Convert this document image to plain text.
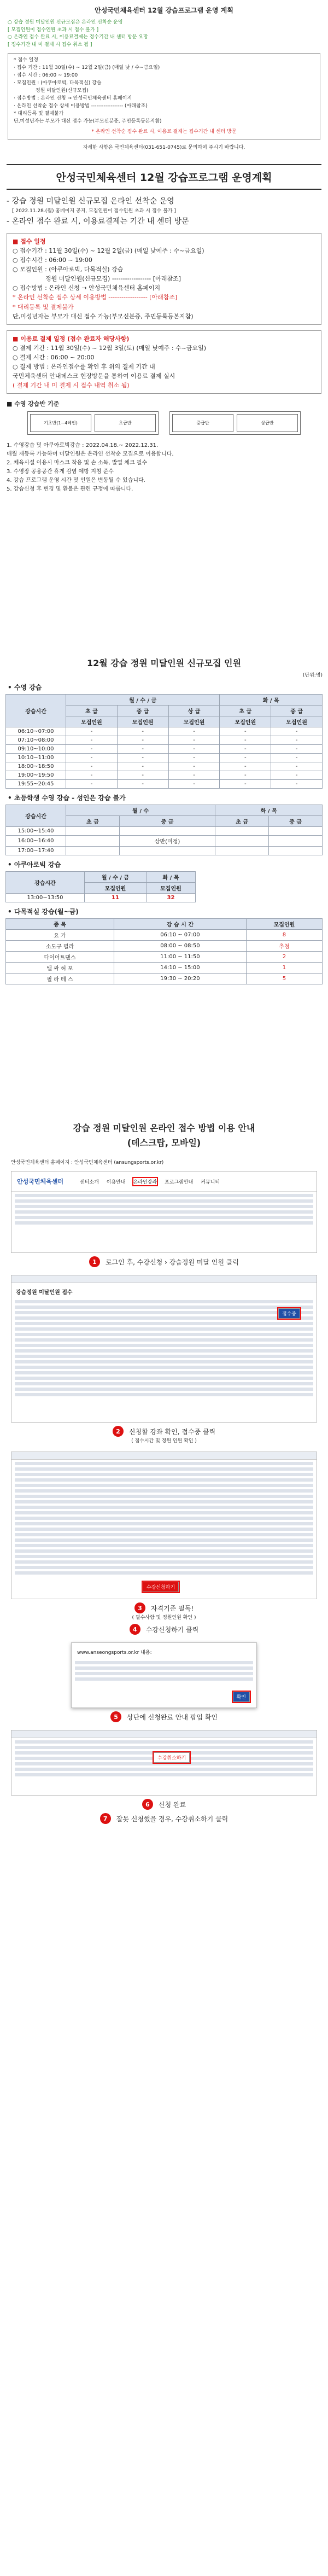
안성국민체육센터 12월 강습프로그램 운영 계획
○ 강습 정원 미달인원 신규모집은 온라인 선착순 운영
[ 모집인원이 접수인원 초과 시 접수 불가 ]
○ 온라인 접수 완료 시, 이용료결제는 정수기간 내 센터 방문 요망
[ 정수기간 내 미 결제 시 접수 취소 됨 ]
* 접수 일정
· 접수 기간 : 11월 30일(수) ~ 12월 2일(금) (매일 낮 / 수~금요일)
· 접수 시간 : 06:00 ~ 19:00
· 모집인원 : (아쿠아로빅, 다목적실) 강습
정원 미달인원(신규모집)
· 접수방법 : 온라인 신청 → 안성국민체육센터 홈페이지
· 온라인 선착순 접수 상세 이용방법 ------------------ (아래참조)
* 대리등록 및 결제불가
단,미성년자는 부모가 대신 접수 가능(부모신분증, 주민등록등본지참)
* 온라인 선착순 접수 완료 시, 이용료 결제는 접수기간 내 센터 방문
자세한 사항은 국민체육센터(031-651-0745)로 문의하여 주시기 바랍니다.
안성국민체육센터 12월 강습프로그램 운영계획
- 강습 정원 미달인원 신규모집 온라인 선착순 운영
[ 2022.11.28.(월) 홈페이지 공지, 모집인원이 접수인원 초과 시 접수 불가 ]
- 온라인 접수 완료 시, 이용료결제는 기간 내 센터 방문
■ 접수 일정
○ 접수기간 : 11월 30일(수) ~ 12월 2일(금) (매일 낮예주 : 수~금요일)
○ 접수시간 : 06:00 ~ 19:00
○ 모집인원 : (아쿠아로빅, 다목적실) 강습
정원 미달인원(신규모집) ------------------ [아래참조]
○ 접수방법 : 온라인 신청 → 안성국민체육센터 홈페이지
* 온라인 선착순 접수 상세 이용방법 ------------------ [아래참조]
* 대리등록 및 결제불가
단,미성년자는 부모가 대신 접수 가능(부모신분증, 주민등록등본지참)
■ 이용료 결제 일정 (접수 완료자 해당사항)
○ 결제 기간 : 11월 30일(수) ~ 12월 3일(토) (매일 낮예주 : 수~금요일)
○ 결제 시간 : 06:00 ~ 20:00
○ 결제 방법 : 온라인접수를 확인 후 위의 결제 기간 내
국민체육센터 안내데스크 현장방문을 통하여 이용료 결제 실시
( 결제 기간 내 미 결제 시 접수 내역 취소 됨)
■ 수영 강습반 기준
기초반(1~4레인)	초급반	중급반	상급반
1. 수영강습 및 아쿠아로빅강습 : 2022.04.18.~ 2022.12.31.
매월 재등록 가능하며 미달인원은 온라인 선착순 모집으로 이용합니다.
2. 체육시설 이용시 마스크 착용 및 손 소독, 발열 체크 필수
3. 수영장 공용공간 휴게 감염 예방 지침 준수
4. 강습 프로그램 운영 시간 및 인원은 변동될 수 있습니다.
5. 강습신청 후 변경 및 환불은 관련 규정에 따릅니다.
12월 강습 정원 미달인원 신규모집 인원
(단위:명)
• 수영 강습
강습시간	월 / 수 / 금			화 / 목	
	초 급	중 급	상 급	초 급	중 급
	모집인원	모집인원	모집인원	모집인원	모집인원
06:10~07:00	-	-	-	-	-
07:10~08:00	-	-	-	-	-
09:10~10:00	-	-	-	-	-
10:10~11:00	-	-	-	-	-
18:00~18:50	-	-	-	-	-
19:00~19:50	-	-	-	-	-
19:55~20:45	-	-	-	-	-
• 초등학생 수영 강습 - 성인은 강습 불가
강습시간	월 / 수		화 / 목	
	초 급	중 급	초 급	중 급
15:00~15:40				
16:00~16:40		상반(미정)		
17:00~17:40				
• 아쿠아로빅 강습
강습시간	월 / 수 / 금	화 / 목
	모집인원	모집인원
13:00~13:50	11	32
• 다목적실 강습(월~금)
종 목	강 습 시 간	모집인원
요 가	06:10 ~ 07:00	8
소도구 필라	08:00 ~ 08:50	추첨
다이어트댄스	11:00 ~ 11:50	2
밸 싸 허 포	14:10 ~ 15:00	1
필 라 테 스	19:30 ~ 20:20	5
강습 정원 미달인원 온라인 접수 방법 이용 안내
(데스크탑, 모바일)
안성국민체육센터 홈페이지 : 안성국민체육센터 (ansungsports.or.kr)
안성국민체육센터	센터소개 이용안내 온라인강좌 프로그램안내 커뮤니티
1	로그인 후, 수강신청 › 강습정원 미달 인원 클릭
강습정원 미달인원 접수
접수중
2	신청할 강좌 확인, 접수중 클릭
( 접수시간 및 정원 인원 확인 )
수강신청하기
3	자격기준 필독!
( 필수사항 및 정원인원 확인 )
4	수강신청하기 클릭
www.anseongsports.or.kr 내용:
확인
5	상단에 신청완료 안내 팝업 확인
수강취소하기
6	신청 완료
7	잘못 신청했을 경우, 수강취소하기 클릭
